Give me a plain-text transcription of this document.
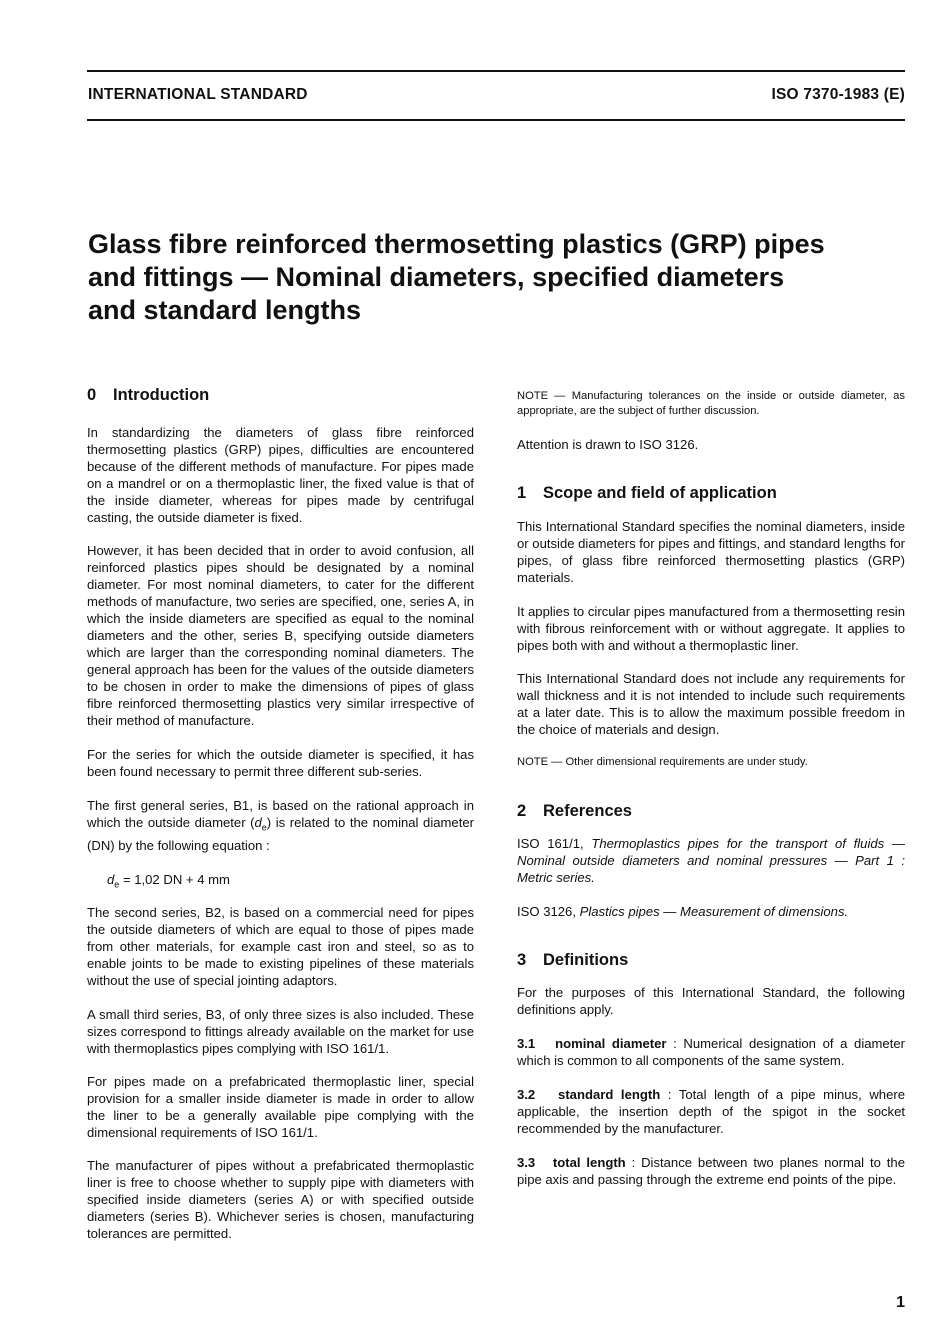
INTERNATIONAL STANDARD	ISO 7370-1983 (E)
Glass fibre reinforced thermosetting plastics (GRP) pipes
and fittings — Nominal diameters, specified diameters
and standard lengths
0 Introduction

In standardizing the diameters of glass fibre reinforced thermosetting plastics (GRP) pipes, difficulties are encountered because of the different methods of manufacture. For pipes made on a mandrel or on a thermoplastic liner, the fixed value is that of the inside diameter, whereas for pipes made by centrifugal casting, the outside diameter is fixed.

However, it has been decided that in order to avoid confusion, all reinforced plastics pipes should be designated by a nominal diameter. For most nominal diameters, to cater for the different methods of manufacture, two series are specified, one, series A, in which the inside diameters are specified as equal to the nominal diameters and the other, series B, specifying outside diameters which are larger than the corresponding nominal diameters. The general approach has been for the values of the outside diameters to be chosen in order to make the dimensions of pipes of glass fibre reinforced thermosetting plastics very similar irrespective of their method of manufacture.

For the series for which the outside diameter is specified, it has been found necessary to permit three different sub-series.

The first general series, B1, is based on the rational approach in which the outside diameter $(d_e)$ is related to the nominal diameter (DN) by the following equation :

$d_e = 1,02$ DN + 4 mm

The second series, B2, is based on a commercial need for pipes the outside diameters of which are equal to those of pipes made from other materials, for example cast iron and steel, so as to enable joints to be made to existing pipelines of these materials without the use of special jointing adaptors.

A small third series, B3, of only three sizes is also included. These sizes correspond to fittings already available on the market for use with thermoplastics pipes complying with ISO 161/1.

For pipes made on a prefabricated thermoplastic liner, special provision for a smaller inside diameter is made in order to allow the liner to be a generally available pipe complying with the dimensional requirements of ISO 161/1.

The manufacturer of pipes without a prefabricated thermoplastic liner is free to choose whether to supply pipe with diameters with specified inside diameters (series A) or with specified outside diameters (series B). Whichever series is chosen, manufacturing tolerances are permitted.

NOTE — Manufacturing tolerances on the inside or outside diameter, as appropriate, are the subject of further discussion.

Attention is drawn to ISO 3126.

1 Scope and field of application

This International Standard specifies the nominal diameters, inside or outside diameters for pipes and fittings, and standard lengths for pipes, of glass fibre reinforced thermosetting plastics (GRP) materials.

It applies to circular pipes manufactured from a thermosetting resin with fibrous reinforcement with or without aggregate. It applies to pipes both with and without a thermoplastic liner.

This International Standard does not include any requirements for wall thickness and it is not intended to include such requirements at a later date. This is to allow the maximum possible freedom in the choice of materials and design.

NOTE — Other dimensional requirements are under study.

2 References

ISO 161/1, Thermoplastics pipes for the transport of fluids — Nominal outside diameters and nominal pressures — Part 1 : Metric series.

ISO 3126, Plastics pipes — Measurement of dimensions.

3 Definitions

For the purposes of this International Standard, the following definitions apply.

3.1 nominal diameter : Numerical designation of a diameter which is common to all components of the same system.

3.2 standard length : Total length of a pipe minus, where applicable, the insertion depth of the spigot in the socket recommended by the manufacturer.

3.3 total length : Distance between two planes normal to the pipe axis and passing through the extreme end points of the pipe.

1
